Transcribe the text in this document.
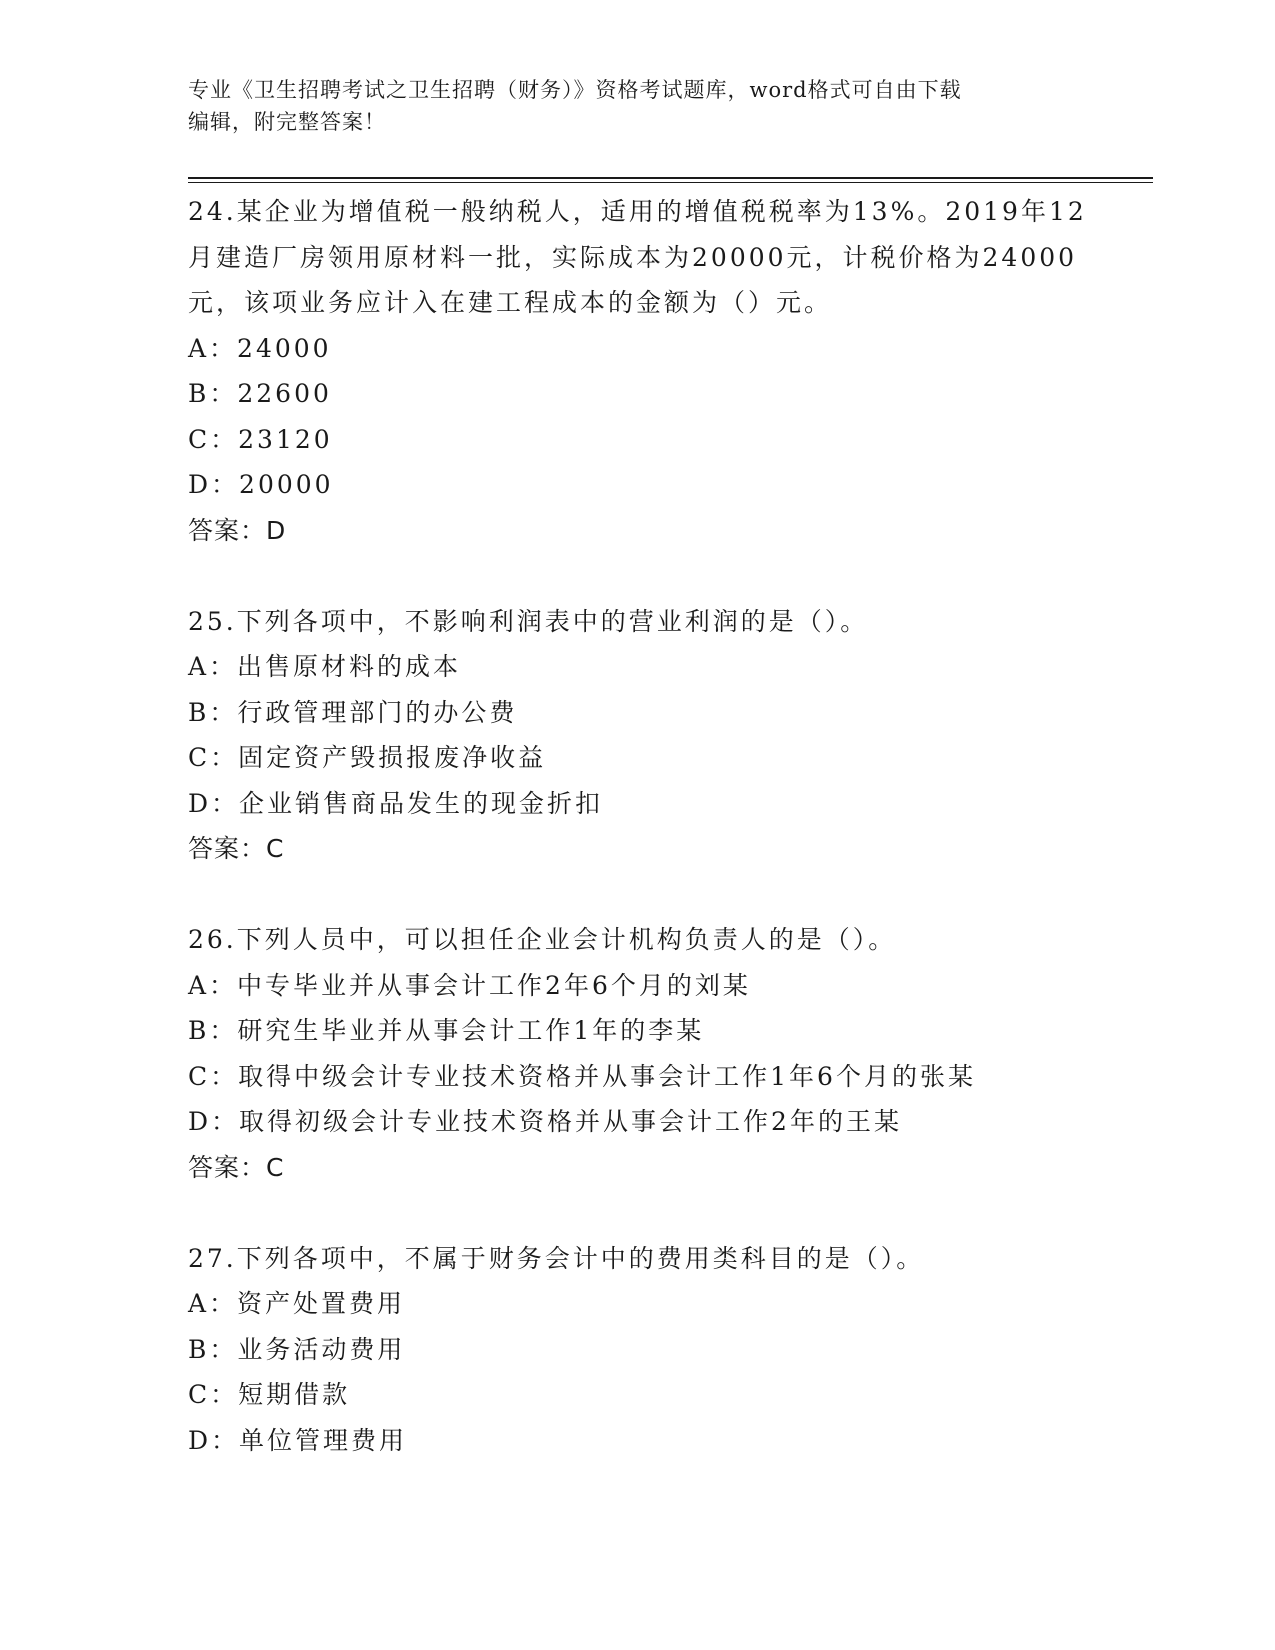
专业《卫生招聘考试之卫生招聘（财务）》资格考试题库，word格式可自由下载
编辑，附完整答案！
24.某企业为增值税一般纳税人，适用的增值税税率为13%。2019年12
月建造厂房领用原材料一批，实际成本为20000元，计税价格为24000
元，该项业务应计入在建工程成本的金额为（）元。
A：24000
B：22600
C：23120
D：20000
答案：D
25.下列各项中，不影响利润表中的营业利润的是（）。
A：出售原材料的成本
B：行政管理部门的办公费
C：固定资产毁损报废净收益
D：企业销售商品发生的现金折扣
答案：C
26.下列人员中，可以担任企业会计机构负责人的是（）。
A：中专毕业并从事会计工作2年6个月的刘某
B：研究生毕业并从事会计工作1年的李某
C：取得中级会计专业技术资格并从事会计工作1年6个月的张某
D：取得初级会计专业技术资格并从事会计工作2年的王某
答案：C
27.下列各项中，不属于财务会计中的费用类科目的是（）。
A：资产处置费用
B：业务活动费用
C：短期借款
D：单位管理费用
